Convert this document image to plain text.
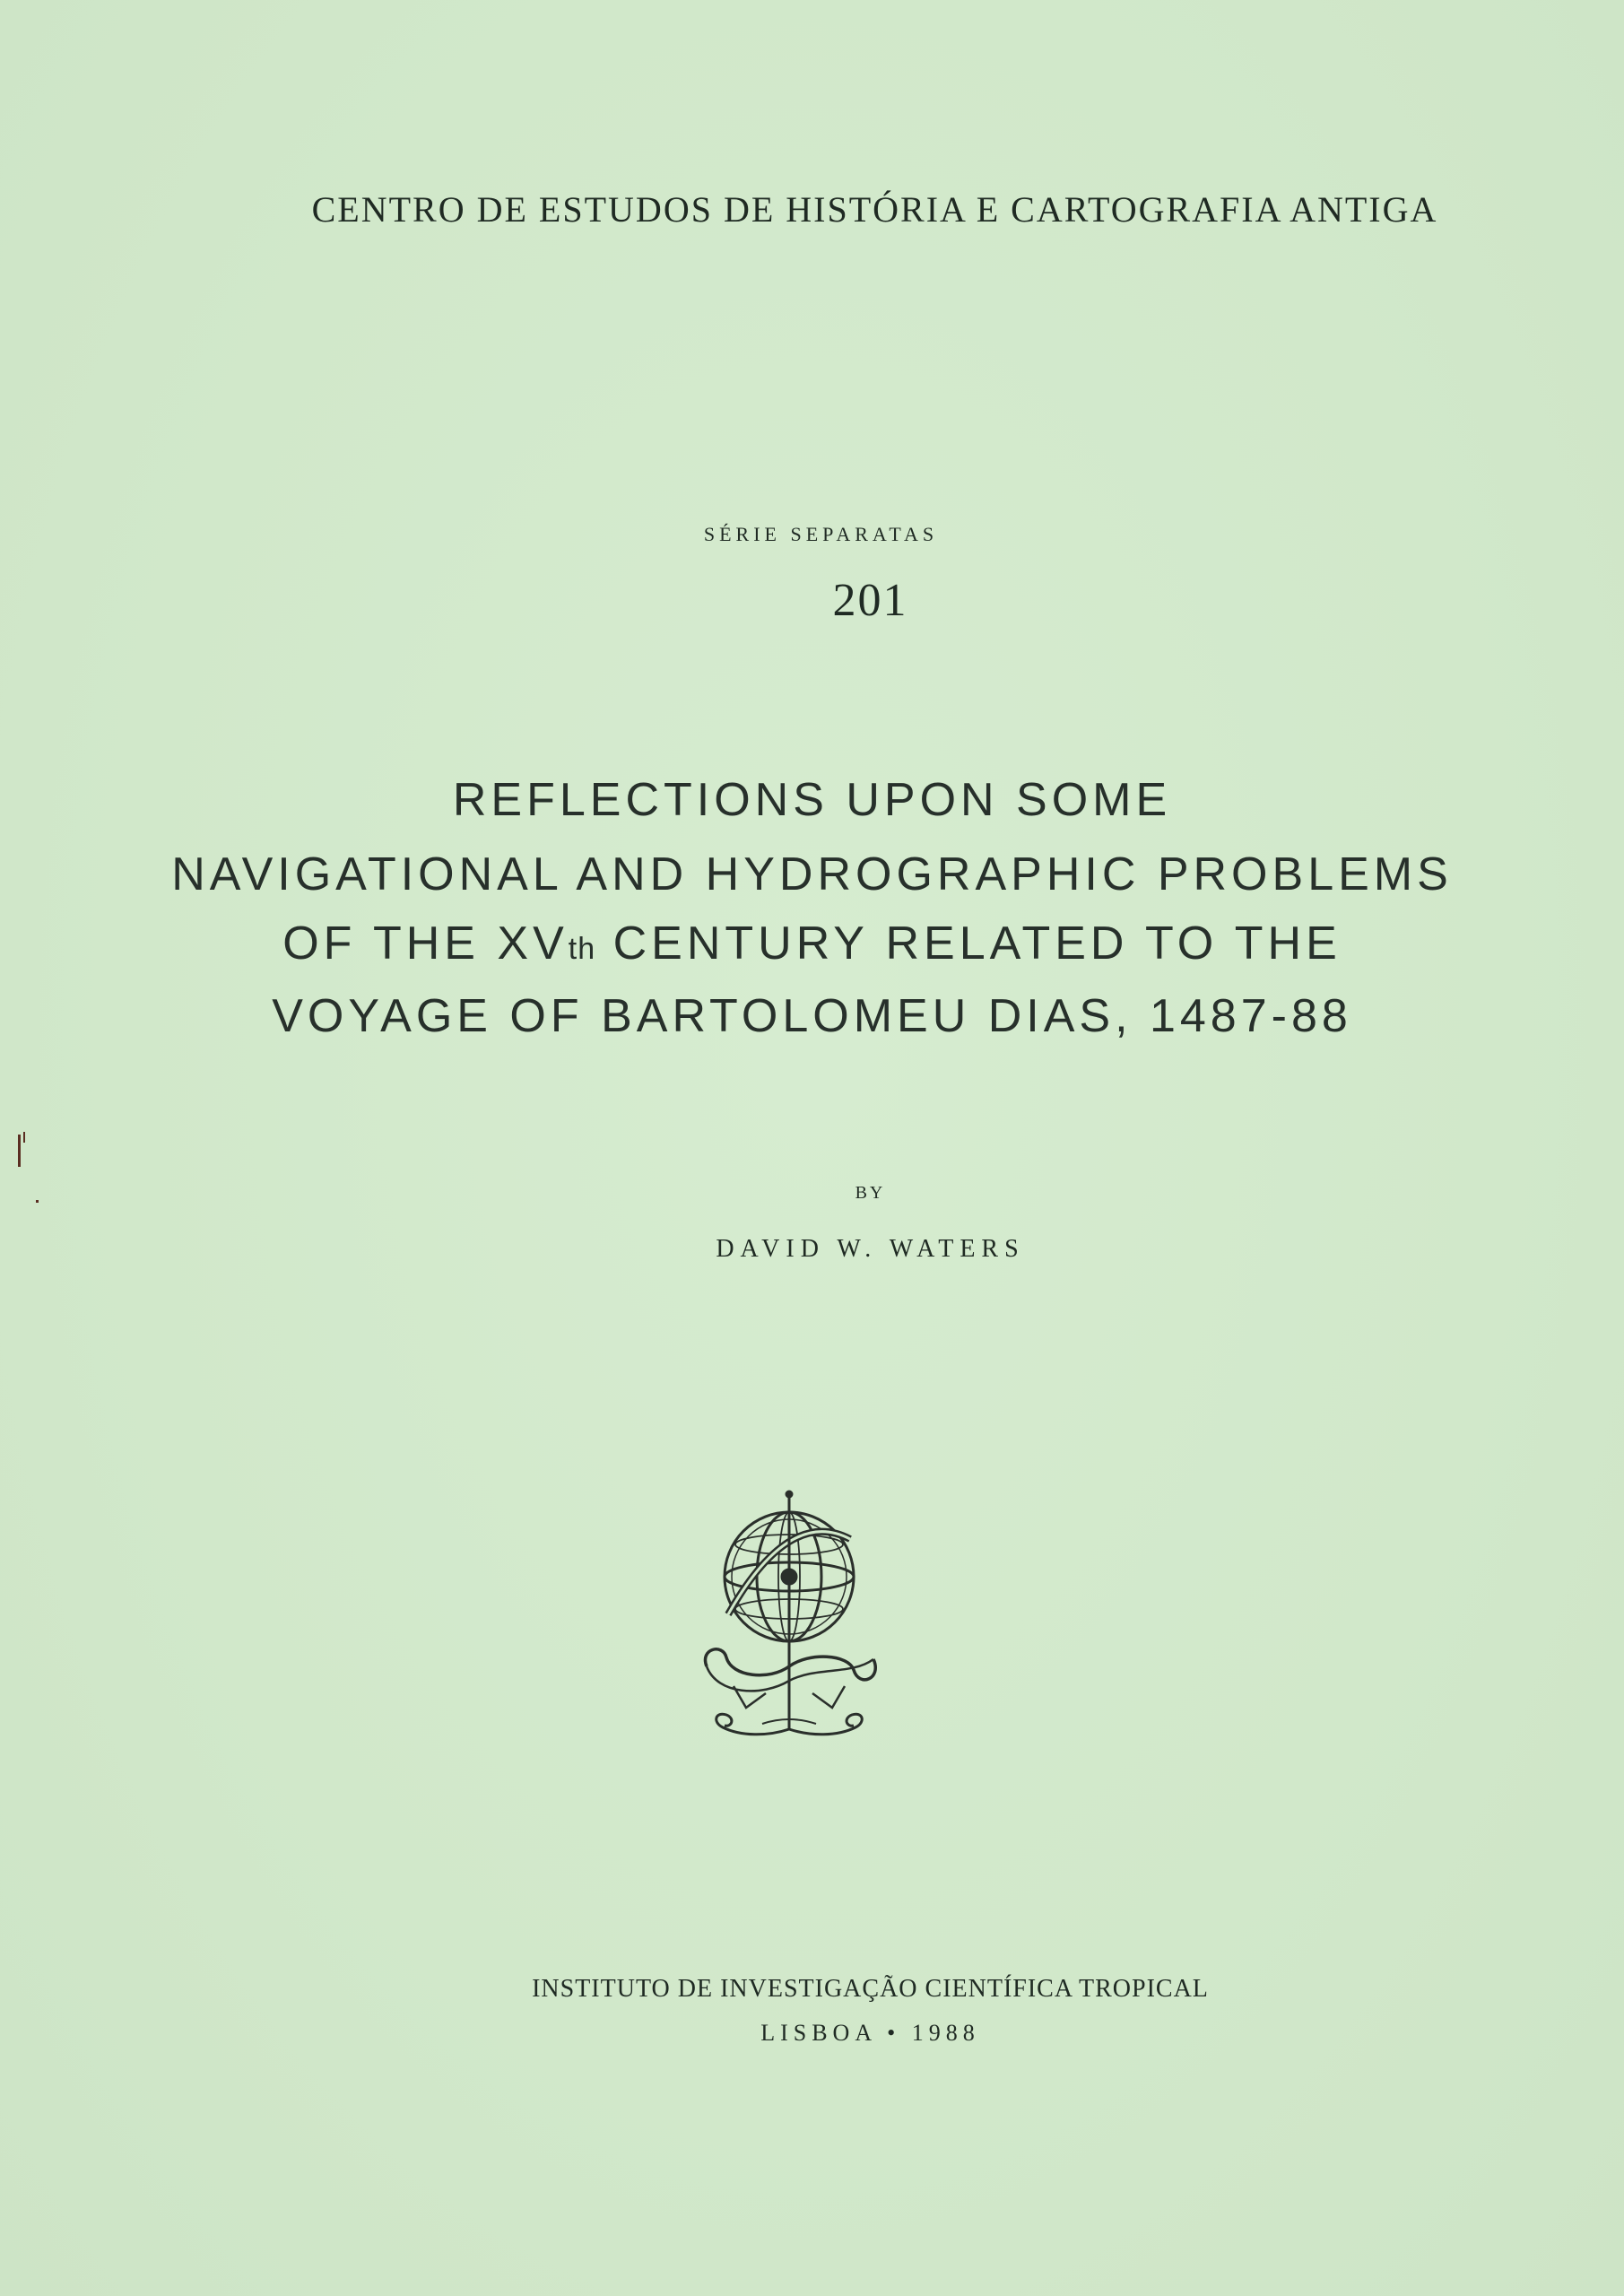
CENTRO DE ESTUDOS DE HISTÓRIA E CARTOGRAFIA ANTIGA
SÉRIE SEPARATAS
201
REFLECTIONS UPON SOME
NAVIGATIONAL AND HYDROGRAPHIC PROBLEMS
OF THE XVth CENTURY RELATED TO THE
VOYAGE OF BARTOLOMEU DIAS, 1487-88
BY
DAVID W. WATERS
INSTITUTO DE INVESTIGAÇÃO CIENTÍFICA TROPICAL
LISBOA • 1988
